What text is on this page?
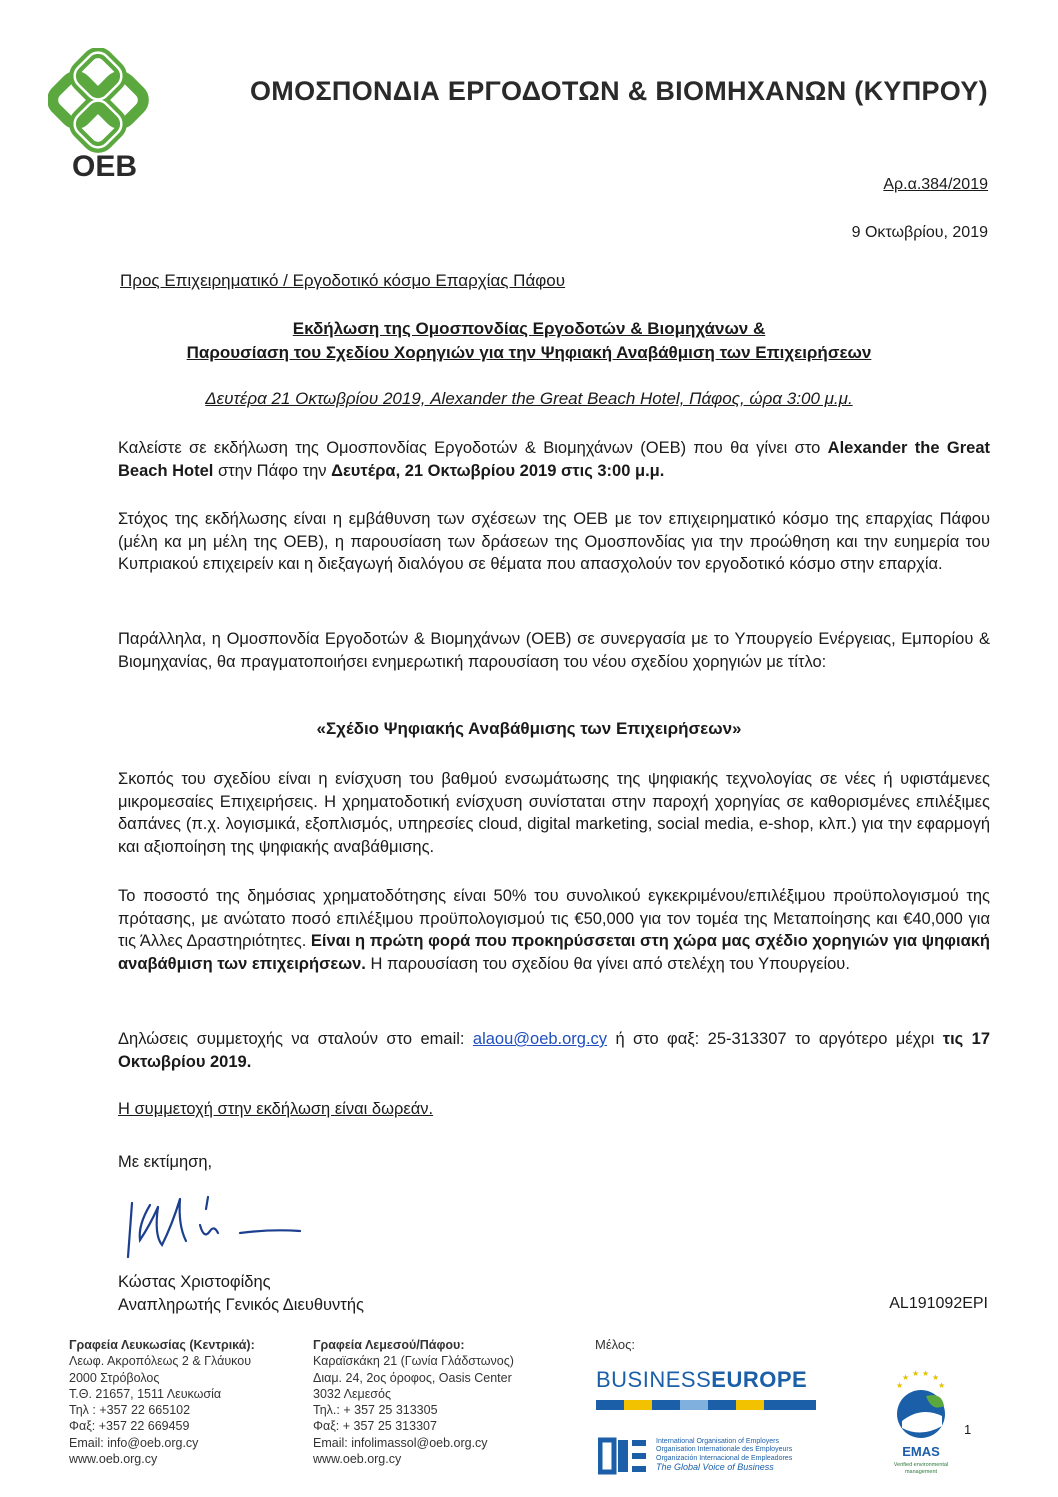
OEB
ΟΜΟΣΠΟΝΔΙΑ ΕΡΓΟΔΟΤΩΝ & ΒΙΟΜΗΧΑΝΩΝ (ΚΥΠΡΟΥ)
Αρ.α.384/2019
9 Οκτωβρίου, 2019
Προς Επιχειρηματικό / Εργοδοτικό κόσμο Επαρχίας Πάφου
Εκδήλωση της Ομοσπονδίας Εργοδοτών & Βιομηχάνων &
Παρουσίαση του Σχεδίου Χορηγιών για την Ψηφιακή Αναβάθμιση των Επιχειρήσεων
Δευτέρα 21 Οκτωβρίου 2019, Alexander the Great Beach Hotel, Πάφος, ώρα 3:00 μ.μ.
Καλείστε σε εκδήλωση της Ομοσπονδίας Εργοδοτών & Βιομηχάνων (ΟΕΒ) που θα γίνει στο Alexander the Great Beach Hotel στην Πάφο την Δευτέρα, 21 Οκτωβρίου 2019 στις 3:00 μ.μ.
Στόχος της εκδήλωσης είναι η εμβάθυνση των σχέσεων της ΟΕΒ με τον επιχειρηματικό κόσμο της επαρχίας Πάφου (μέλη κα μη μέλη της ΟΕΒ), η παρουσίαση των δράσεων της Ομοσπονδίας για την προώθηση και την ευημερία του Κυπριακού επιχειρείν και η διεξαγωγή διαλόγου σε θέματα που απασχολούν τον εργοδοτικό κόσμο στην επαρχία.
Παράλληλα, η Ομοσπονδία Εργοδοτών & Βιομηχάνων (ΟΕΒ) σε συνεργασία με το Υπουργείο Ενέργειας, Εμπορίου & Βιομηχανίας, θα πραγματοποιήσει ενημερωτική παρουσίαση του νέου σχεδίου χορηγιών με τίτλο:
«Σχέδιο Ψηφιακής Αναβάθμισης των Επιχειρήσεων»
Σκοπός του σχεδίου είναι η ενίσχυση του βαθμού ενσωμάτωσης της ψηφιακής τεχνολογίας σε νέες ή υφιστάμενες μικρομεσαίες Επιχειρήσεις. Η χρηματοδοτική ενίσχυση συνίσταται στην παροχή χορηγίας σε καθορισμένες επιλέξιμες δαπάνες (π.χ. λογισμικά, εξοπλισμός, υπηρεσίες cloud, digital marketing, social media, e-shop, κλπ.) για την εφαρμογή και αξιοποίηση της ψηφιακής αναβάθμισης.
Το ποσοστό της δημόσιας χρηματοδότησης είναι 50% του συνολικού εγκεκριμένου/επιλέξιμου προϋπολογισμού της πρότασης, με ανώτατο ποσό επιλέξιμου προϋπολογισμού τις €50,000 για τον τομέα της Μεταποίησης και €40,000 για τις Άλλες Δραστηριότητες. Είναι η πρώτη φορά που προκηρύσσεται στη χώρα μας σχέδιο χορηγιών για ψηφιακή αναβάθμιση των επιχειρήσεων. Η παρουσίαση του σχεδίου θα γίνει από στελέχη του Υπουργείου.
Δηλώσεις συμμετοχής να σταλούν στο email: alaou@oeb.org.cy ή στο φαξ: 25-313307 το αργότερο μέχρι τις 17 Οκτωβρίου 2019.
Η συμμετοχή στην εκδήλωση είναι δωρεάν.
Με εκτίμηση,
Κώστας Χριστοφίδης
Αναπληρωτής Γενικός Διευθυντής	AL191092EPI
Γραφεία Λευκωσίας (Κεντρικά):
Λεωφ. Ακροπόλεως 2 & Γλάυκου
2000 Στρόβολος
Τ.Θ. 21657, 1511 Λευκωσία
Τηλ : +357 22 665102
Φαξ: +357 22 669459
Email: info@oeb.org.cy
www.oeb.org.cy
Γραφεία Λεμεσού/Πάφου:
Καραϊσκάκη 21 (Γωνία Γλάδστωνος)
Διαμ. 24, 2ος όροφος, Oasis Center
3032 Λεμεσός
Τηλ.: + 357 25 313305
Φαξ: + 357 25 313307
Email: infolimassol@oeb.org.cy
www.oeb.org.cy
Μέλος:
BUSINESSEUROPE
International Organisation of Employers
Organisation Internationale des Employeurs
Organización Internacional de Empleadores
The Global Voice of Business
★ ★ ★ ★
★	★
EMAS
Verified environmental management
1
